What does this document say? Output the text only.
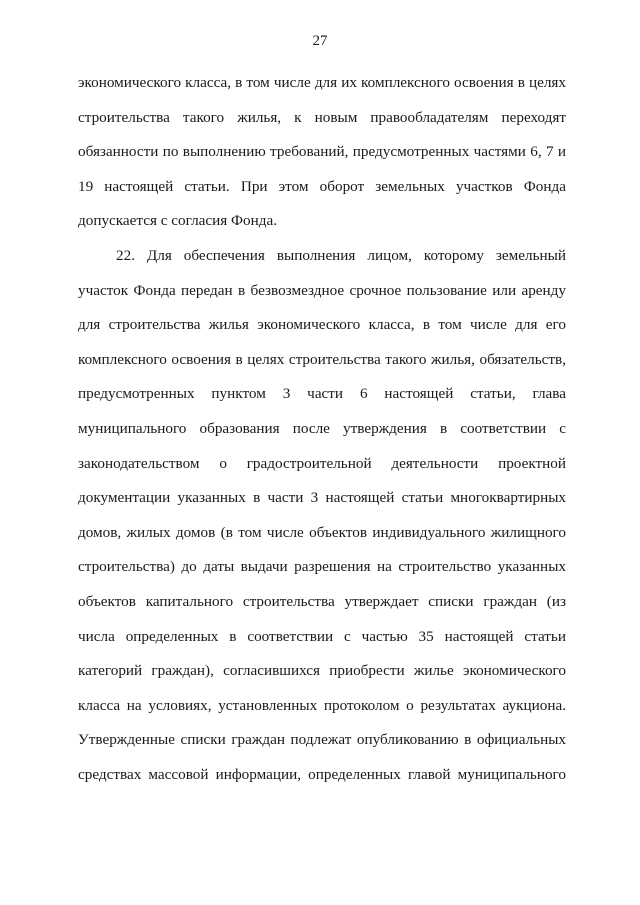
27
экономического класса, в том числе для их комплексного освоения в целях
строительства такого жилья, к новым правообладателям переходят
обязанности по выполнению требований, предусмотренных частями 6, 7 и
19 настоящей статьи. При этом оборот земельных участков Фонда
допускается с согласия Фонда.
22. Для обеспечения выполнения лицом, которому земельный
участок Фонда передан в безвозмездное срочное пользование или аренду
для строительства жилья экономического класса, в том числе для его
комплексного освоения в целях строительства такого жилья, обязательств,
предусмотренных пунктом 3 части 6 настоящей статьи, глава
муниципального образования после утверждения в соответствии с
законодательством о градостроительной деятельности проектной
документации указанных в части 3 настоящей статьи многоквартирных
домов, жилых домов (в том числе объектов индивидуального жилищного
строительства) до даты выдачи разрешения на строительство указанных
объектов капитального строительства утверждает списки граждан (из
числа определенных в соответствии с частью 35 настоящей статьи
категорий граждан), согласившихся приобрести жилье экономического
класса на условиях, установленных протоколом о результатах аукциона.
Утвержденные списки граждан подлежат опубликованию в официальных
средствах массовой информации, определенных главой муниципального
